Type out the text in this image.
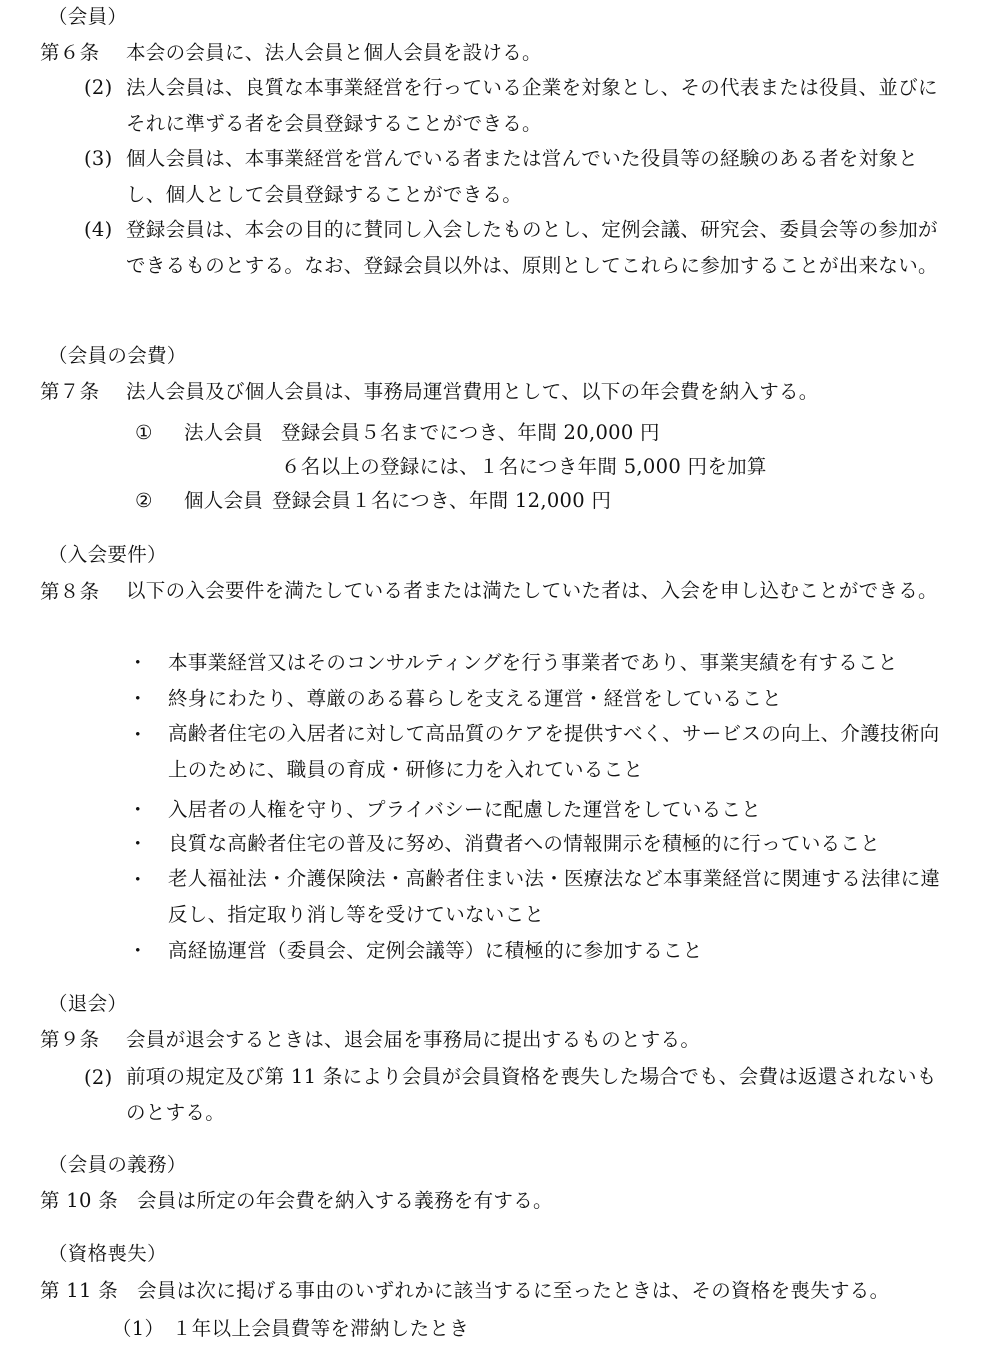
（会員）
第６条 本会の会員に、法人会員と個人会員を設ける。
(2) 法人会員は、良質な本事業経営を行っている企業を対象とし、その代表または役員、並びにそれに準ずる者を会員登録することができる。
(3) 個人会員は、本事業経営を営んでいる者または営んでいた役員等の経験のある者を対象とし、個人として会員登録することができる。
(4) 登録会員は、本会の目的に賛同し入会したものとし、定例会議、研究会、委員会等の参加ができるものとする。なお、登録会員以外は、原則としてこれらに参加することが出来ない。
（会員の会費）
第７条 法人会員及び個人会員は、事務局運営費用として、以下の年会費を納入する。
① 法人会員 登録会員５名までにつき、年間 20,000 円
６名以上の登録には、１名につき年間 5,000 円を加算
② 個人会員 登録会員１名につき、年間 12,000 円
（入会要件）
第８条 以下の入会要件を満たしている者または満たしていた者は、入会を申し込むことができる。
・ 本事業経営又はそのコンサルティングを行う事業者であり、事業実績を有すること
・ 終身にわたり、尊厳のある暮らしを支える運営・経営をしていること
・ 高齢者住宅の入居者に対して高品質のケアを提供すべく、サービスの向上、介護技術向上のために、職員の育成・研修に力を入れていること
・ 入居者の人権を守り、プライバシーに配慮した運営をしていること
・ 良質な高齢者住宅の普及に努め、消費者への情報開示を積極的に行っていること
・ 老人福祉法・介護保険法・高齢者住まい法・医療法など本事業経営に関連する法律に違反し、指定取り消し等を受けていないこと
・ 高経協運営（委員会、定例会議等）に積極的に参加すること
（退会）
第９条 会員が退会するときは、退会届を事務局に提出するものとする。
(2) 前項の規定及び第 11 条により会員が会員資格を喪失した場合でも、会費は返還されないものとする。
（会員の義務）
第 10 条 会員は所定の年会費を納入する義務を有する。
（資格喪失）
第 11 条 会員は次に掲げる事由のいずれかに該当するに至ったときは、その資格を喪失する。
（1） １年以上会員費等を滞納したとき
